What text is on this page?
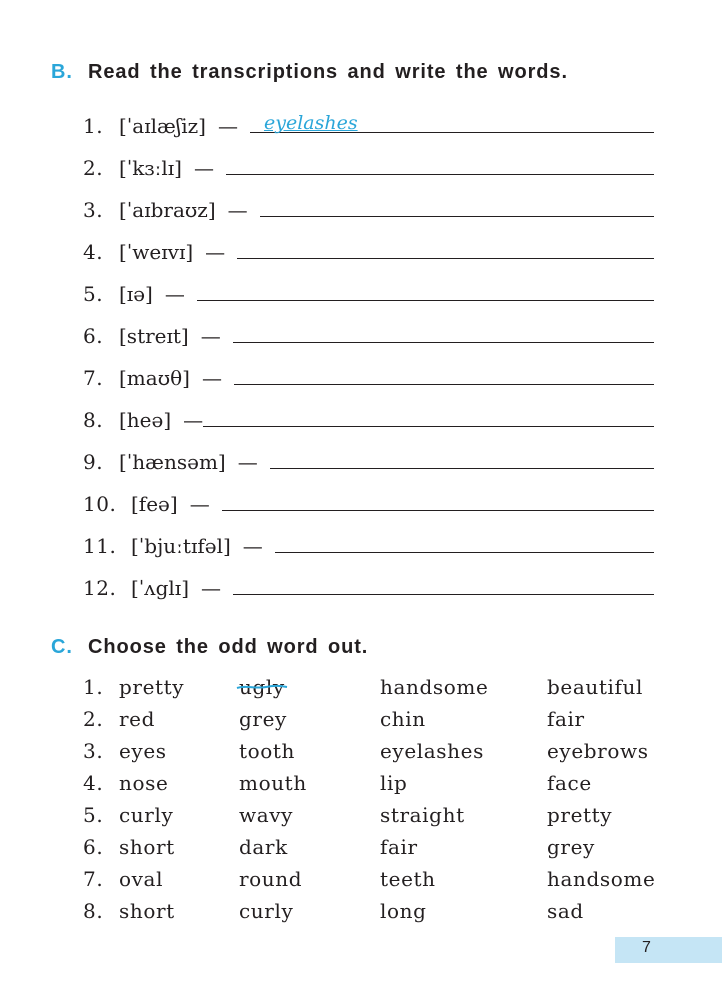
B. Read the transcriptions and write the words.
1. [ˈaɪlæʃiz] — eyelashes
2. [ˈkɜːlɪ] —
3. [ˈaɪbraʊz] —
4. [ˈweɪvɪ] —
5. [ɪə] —
6. [streɪt] —
7. [maʊθ] —
8. [heə] —
9. [ˈhænsəm] —
10. [feə] —
11. [ˈbjuːtɪfəl] —
12. [ˈʌglɪ] —
C. Choose the odd word out.
1. pretty	ugly	handsome	beautiful
2. red	grey	chin	fair
3. eyes	tooth	eyelashes	eyebrows
4. nose	mouth	lip	face
5. curly	wavy	straight	pretty
6. short	dark	fair	grey
7. oval	round	teeth	handsome
8. short	curly	long	sad
7
